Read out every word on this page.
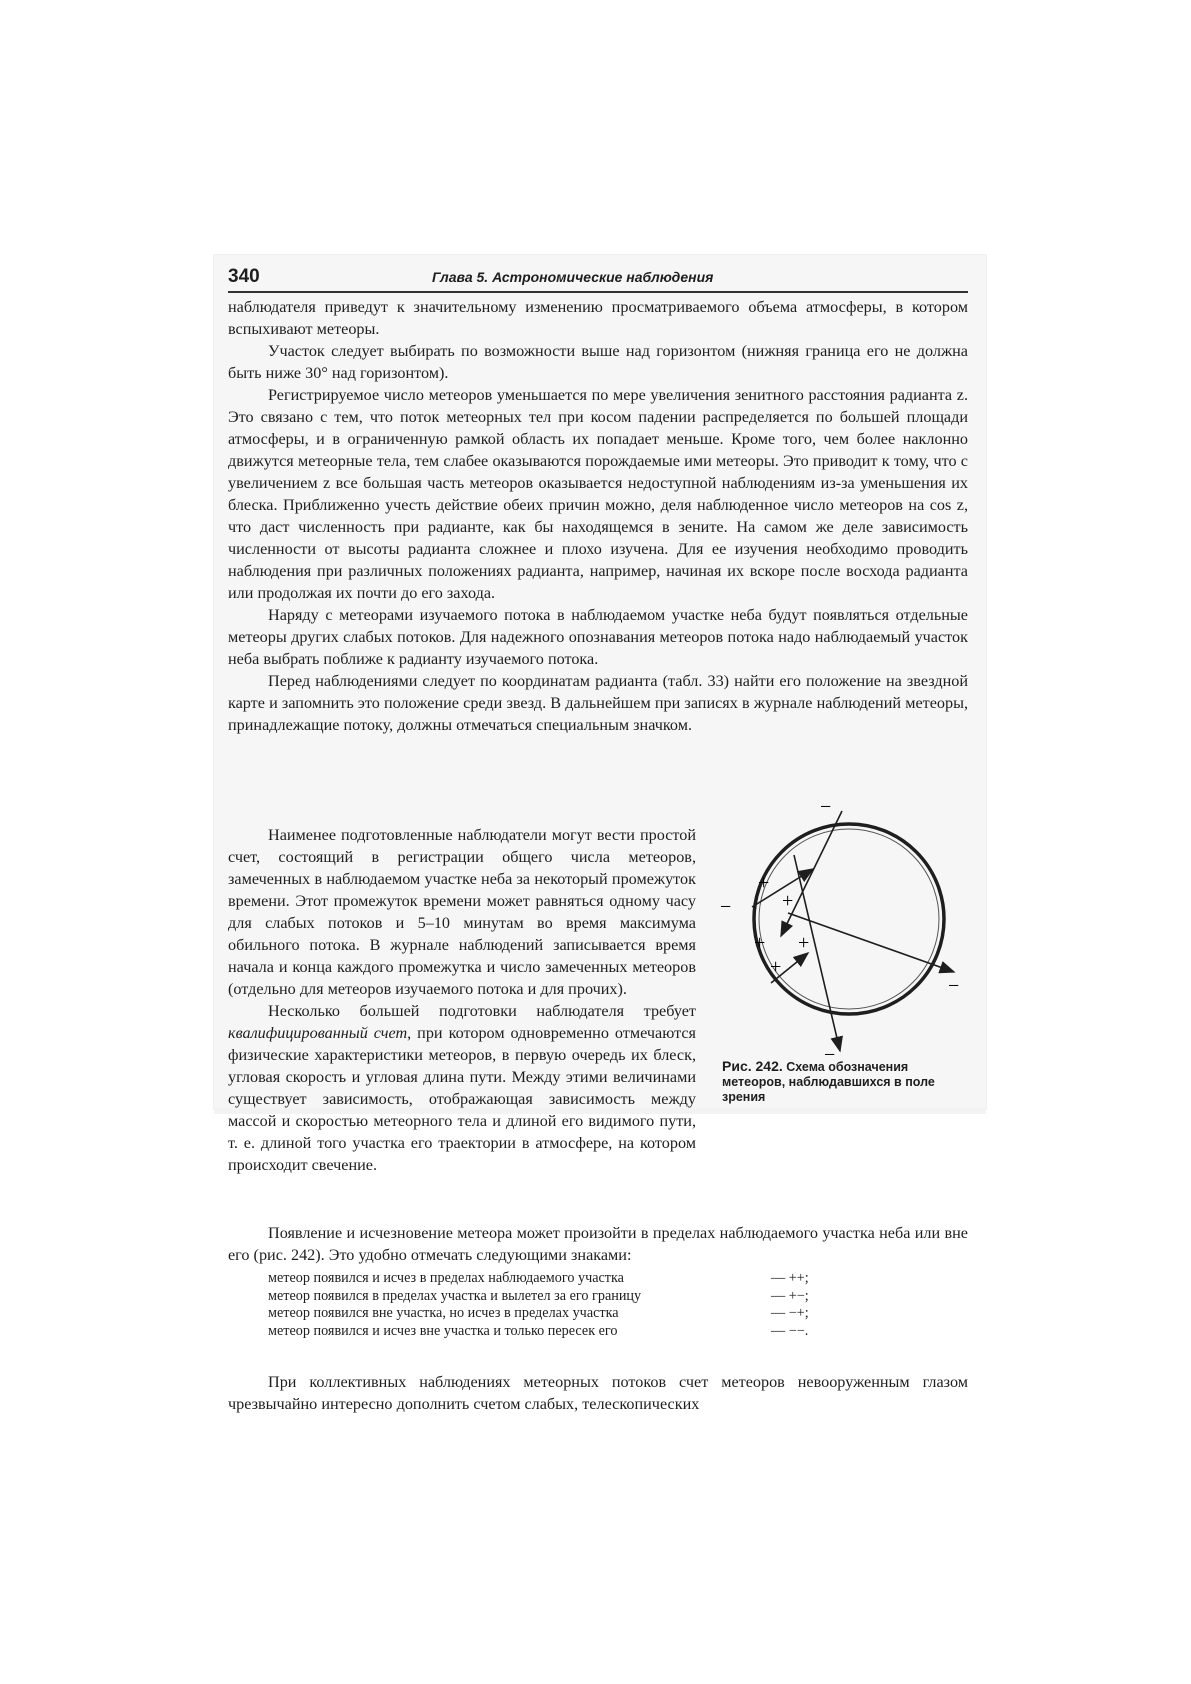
340	Глава 5. Астрономические наблюдения

наблюдателя приведут к значительному изменению просматриваемого объема атмосферы, в котором вспыхивают метеоры.

Участок следует выбирать по возможности выше над горизонтом (нижняя граница его не должна быть ниже 30° над горизонтом).

Регистрируемое число метеоров уменьшается по мере увеличения зенитного расстояния радианта z. Это связано с тем, что поток метеорных тел при косом падении распределяется по большей площади атмосферы, и в ограниченную рамкой область их попадает меньше. Кроме того, чем более наклонно движутся метеорные тела, тем слабее оказываются порождаемые ими метеоры. Это приводит к тому, что с увеличением z все большая часть метеоров оказывается недоступной наблюдениям из-за уменьшения их блеска. Приближенно учесть действие обеих причин можно, деля наблюденное число метеоров на cos z, что даст численность при радианте, как бы находящемся в зените. На самом же деле зависимость численности от высоты радианта сложнее и плохо изучена. Для ее изучения необходимо проводить наблюдения при различных положениях радианта, например, начиная их вскоре после восхода радианта или продолжая их почти до его захода.

Наряду с метеорами изучаемого потока в наблюдаемом участке неба будут появляться отдельные метеоры других слабых потоков. Для надежного опознавания метеоров потока надо наблюдаемый участок неба выбрать поближе к радианту изучаемого потока.

Перед наблюдениями следует по координатам радианта (табл. 33) найти его положение на звездной карте и запомнить это положение среди звезд. В дальнейшем при записях в журнале наблюдений метеоры, принадлежащие потоку, должны отмечаться специальным значком.

Наименее подготовленные наблюдатели могут вести простой счет, состоящий в регистрации общего числа метеоров, замеченных в наблюдаемом участке неба за некоторый промежуток времени. Этот промежуток времени может равняться одному часу для слабых потоков и 5–10 минутам во время максимума обильного потока. В журнале наблюдений записывается время начала и конца каждого промежутка и число замеченных метеоров (отдельно для метеоров изучаемого потока и для прочих).

Несколько большей подготовки наблюдателя требует квалифицированный счет, при котором одновременно отмечаются физические характеристики метеоров, в первую очередь их блеск, угловая скорость и угловая длина пути. Между этими величинами существует зависимость, отображающая зависимость между массой и скоростью метеорного тела и длиной его видимого пути, т. е. длиной того участка его траектории в атмосфере, на котором происходит свечение.

−
−
−
−
+
+
+ +
+
Рис. 242. Схема обозначения метеоров, наблюдавшихся в поле зрения

Появление и исчезновение метеора может произойти в пределах наблюдаемого участка неба или вне его (рис. 242). Это удобно отмечать следующими знаками:

метеор появился и исчез в пределах наблюдаемого участка	— ++;
метеор появился в пределах участка и вылетел за его границу	— +−;
метеор появился вне участка, но исчез в пределах участка	— −+;
метеор появился и исчез вне участка и только пересек его	— −−.

При коллективных наблюдениях метеорных потоков счет метеоров невооруженным глазом чрезвычайно интересно дополнить счетом слабых, телескопических
